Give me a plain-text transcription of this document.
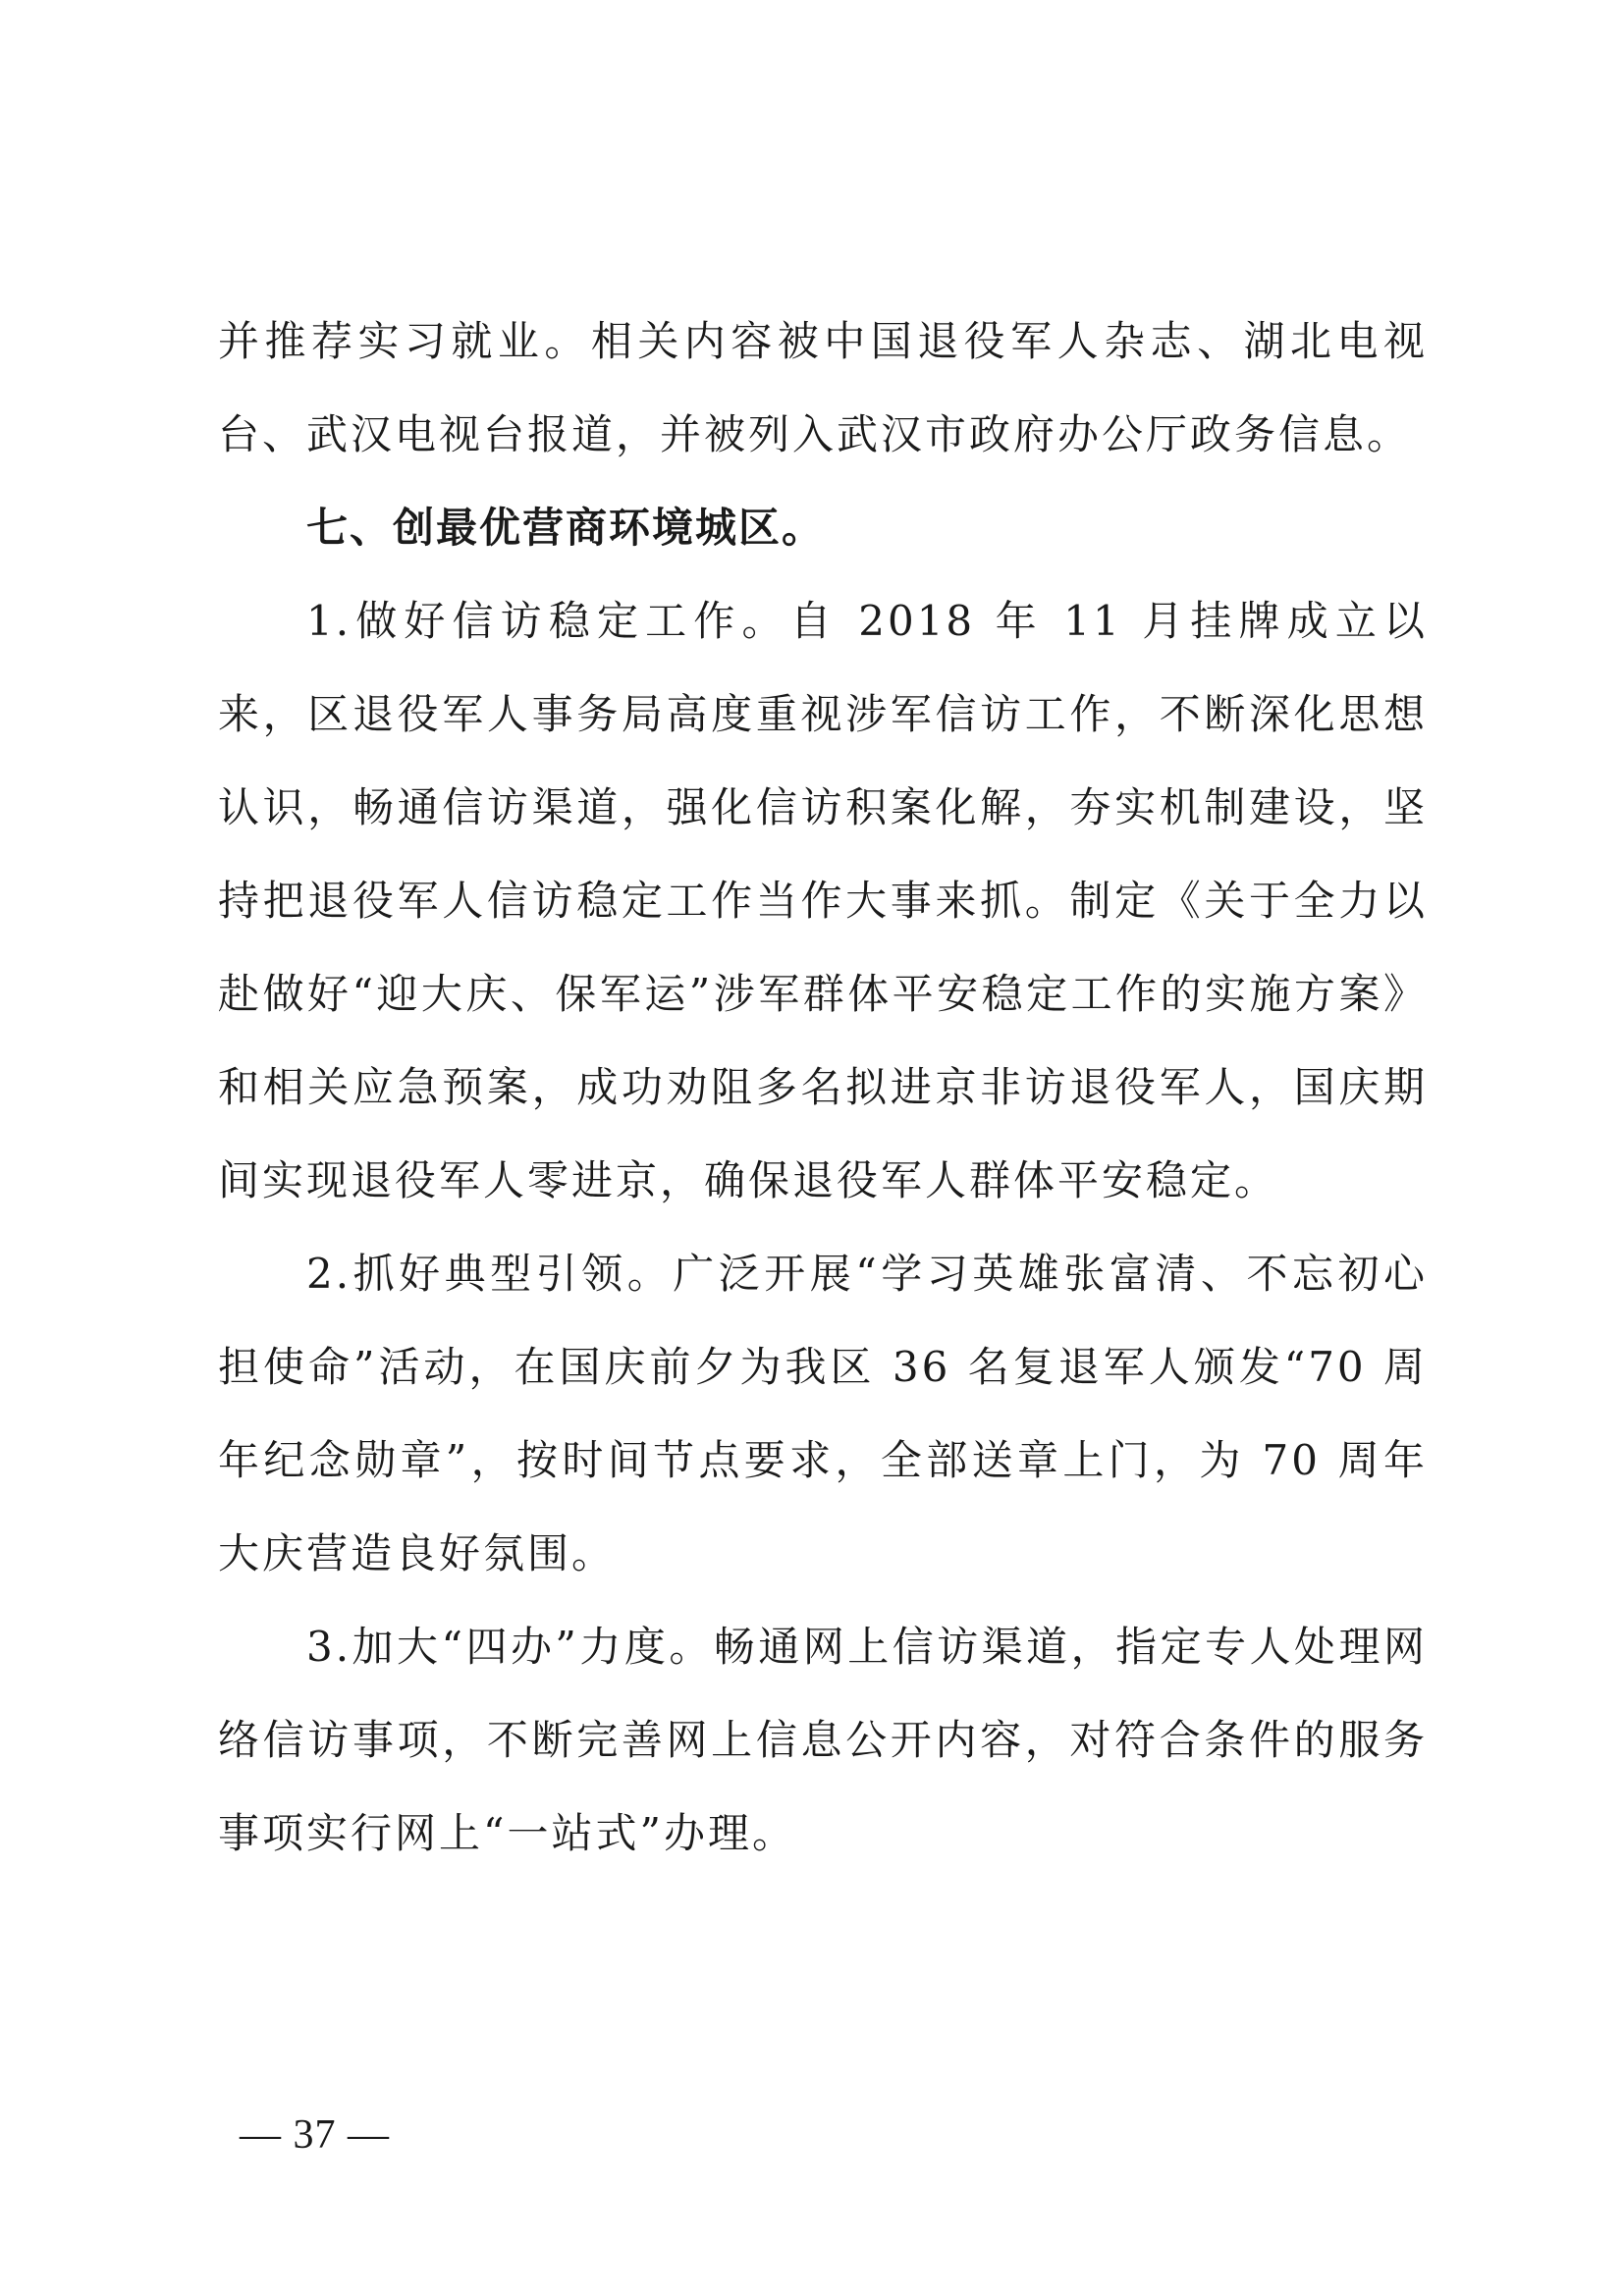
并推荐实习就业。相关内容被中国退役军人杂志、湖北电视台、武汉电视台报道，并被列入武汉市政府办公厅政务信息。

七、创最优营商环境城区。

1.做好信访稳定工作。自 2018 年 11 月挂牌成立以来，区退役军人事务局高度重视涉军信访工作，不断深化思想认识，畅通信访渠道，强化信访积案化解，夯实机制建设，坚持把退役军人信访稳定工作当作大事来抓。制定《关于全力以赴做好“迎大庆、保军运”涉军群体平安稳定工作的实施方案》和相关应急预案，成功劝阻多名拟进京非访退役军人，国庆期间实现退役军人零进京，确保退役军人群体平安稳定。

2.抓好典型引领。广泛开展“学习英雄张富清、不忘初心担使命”活动，在国庆前夕为我区 36 名复退军人颁发“70 周年纪念勋章”，按时间节点要求，全部送章上门，为 70 周年大庆营造良好氛围。

3.加大“四办”力度。畅通网上信访渠道，指定专人处理网络信访事项，不断完善网上信息公开内容，对符合条件的服务事项实行网上“一站式”办理。

— 37 —
